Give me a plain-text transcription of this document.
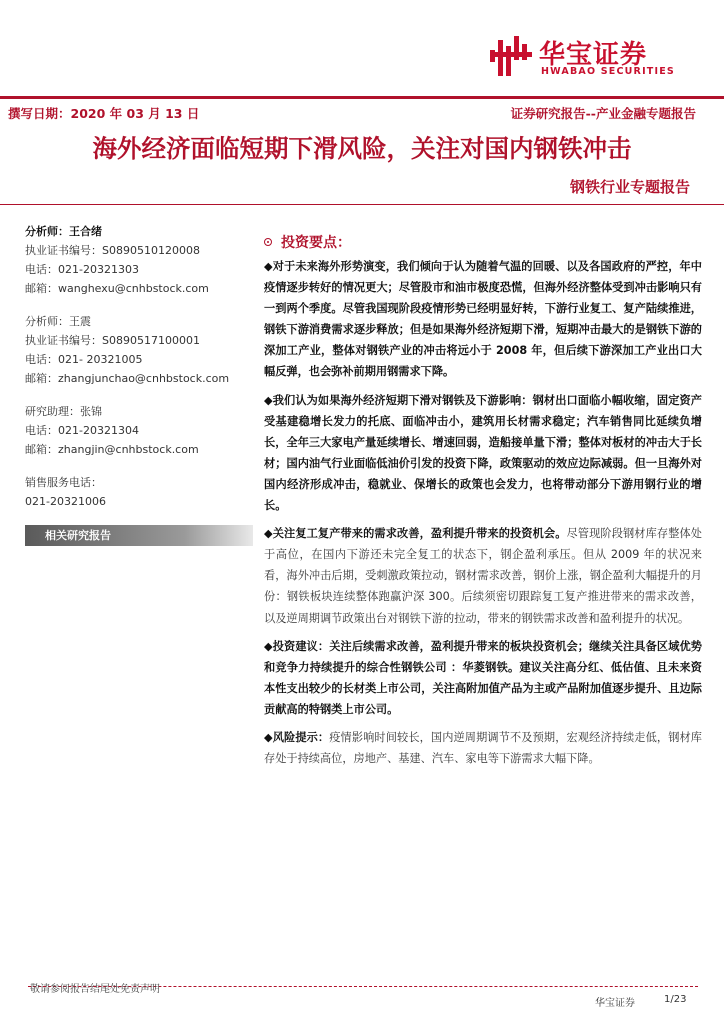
华宝证券
HWABAO SECURITIES
撰写日期：2020 年 03 月 13 日	证券研究报告--产业金融专题报告
海外经济面临短期下滑风险，关注对国内钢铁冲击
钢铁行业专题报告
分析师：王合绪
执业证书编号：S0890510120008
电话：021-20321303
邮箱：wanghexu@cnhbstock.com
分析师：王震
执业证书编号：S0890517100001
电话：021- 20321005
邮箱：zhangjunchao@cnhbstock.com
研究助理：张锦
电话：021-20321304
邮箱：zhangjin@cnhbstock.com
销售服务电话：
021-20321006
相关研究报告
投资要点：
◆对于未来海外形势演变，我们倾向于认为随着气温的回暖、以及各国政府的严控，年中疫情逐步转好的情况更大；尽管股市和油市极度恐慌，但海外经济整体受到冲击影响只有一到两个季度。尽管我国现阶段疫情形势已经明显好转，下游行业复工、复产陆续推进，钢铁下游消费需求逐步释放；但是如果海外经济短期下滑，短期冲击最大的是钢铁下游的深加工产业，整体对钢铁产业的冲击将远小于 2008 年，但后续下游深加工产业出口大幅反弹，也会弥补前期用钢需求下降。
◆我们认为如果海外经济短期下滑对钢铁及下游影响：钢材出口面临小幅收缩，固定资产受基建稳增长发力的托底、面临冲击小，建筑用长材需求稳定；汽车销售同比延续负增长，全年三大家电产量延续增长、增速回弱，造船接单量下滑；整体对板材的冲击大于长材；国内油气行业面临低油价引发的投资下降，政策驱动的效应边际减弱。但一旦海外对国内经济形成冲击，稳就业、保增长的政策也会发力，也将带动部分下游用钢行业的增长。
◆关注复工复产带来的需求改善，盈利提升带来的投资机会。尽管现阶段钢材库存整体处于高位，在国内下游还未完全复工的状态下，钢企盈利承压。但从 2009 年的状况来看，海外冲击后期，受刺激政策拉动，钢材需求改善，钢价上涨，钢企盈利大幅提升的月份：钢铁板块连续整体跑赢沪深 300。后续须密切跟踪复工复产推进带来的需求改善，以及逆周期调节政策出台对钢铁下游的拉动，带来的钢铁需求改善和盈利提升的状况。
◆投资建议：关注后续需求改善，盈利提升带来的板块投资机会；继续关注具备区域优势和竞争力持续提升的综合性钢铁公司 ：华菱钢铁。建议关注高分红、低估值、且未来资本性支出较少的长材类上市公司，关注高附加值产品为主或产品附加值逐步提升、且边际贡献高的特钢类上市公司。
◆风险提示：疫情影响时间较长，国内逆周期调节不及预期，宏观经济持续走低，钢材库存处于持续高位，房地产、基建、汽车、家电等下游需求大幅下降。
敬请参阅报告结尾处免责声明
华宝证券	1/23
